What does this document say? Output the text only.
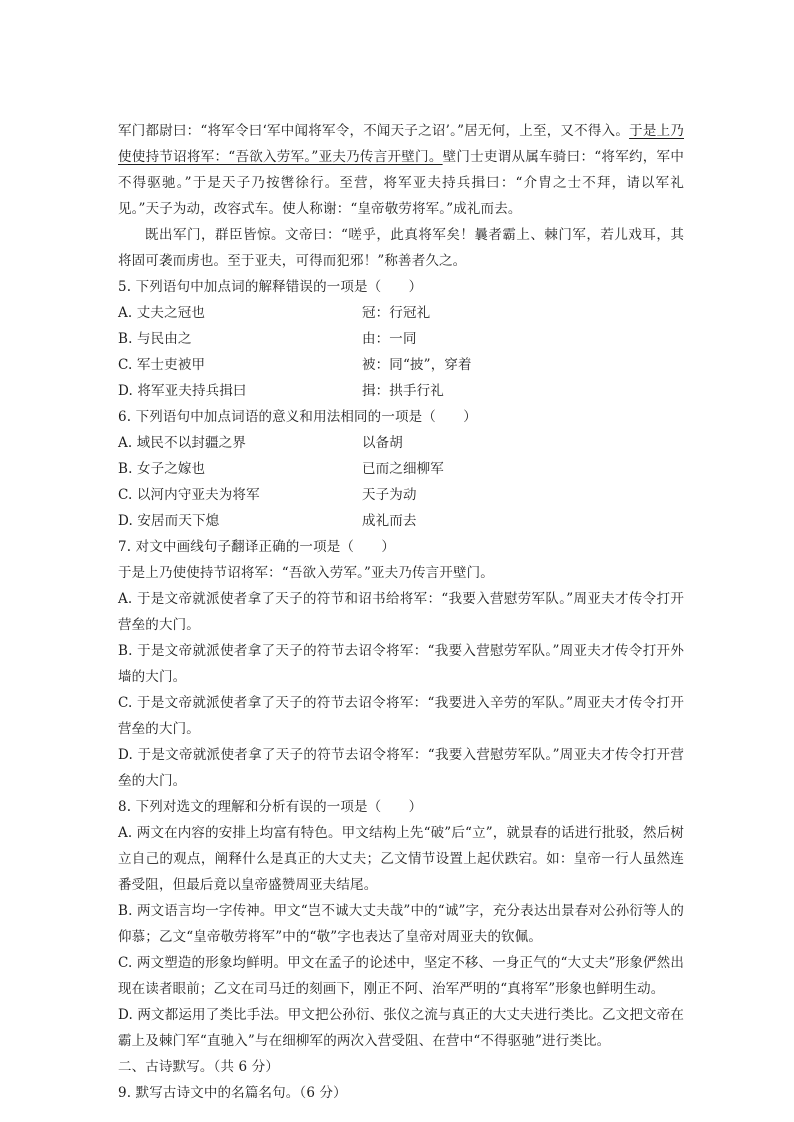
军门都尉曰：“将军令曰‘军中闻将军令，不闻天子之诏’。”居无何，上至，又不得入。于是上乃使使持节诏将军：“吾欲入劳军。”亚夫乃传言开壁门。壁门士吏谓从属车骑曰：“将军约，军中不得驱驰。”于是天子乃按辔徐行。至营，将军亚夫持兵揖曰：“介胄之士不拜，请以军礼见。”天子为动，改容式车。使人称谢：“皇帝敬劳将军。”成礼而去。

既出军门，群臣皆惊。文帝曰：“嗟乎，此真将军矣！曩者霸上、棘门军，若儿戏耳，其将固可袭而虏也。至于亚夫，可得而犯邪！”称善者久之。

5. 下列语句中加点词的解释错误的一项是（　　）

A. 丈夫之冠也	冠：行冠礼
B. 与民由之	由：一同
C. 军士吏被甲	被：同“披”，穿着
D. 将军亚夫持兵揖曰	揖：拱手行礼

6. 下列语句中加点词语的意义和用法相同的一项是（　　）

A. 域民不以封疆之界	以备胡
B. 女子之嫁也	已而之细柳军
C. 以河内守亚夫为将军	天子为动
D. 安居而天下熄	成礼而去

7. 对文中画线句子翻译正确的一项是（　　）

于是上乃使使持节诏将军：“吾欲入劳军。”亚夫乃传言开壁门。

A. 于是文帝就派使者拿了天子的符节和诏书给将军：“我要入营慰劳军队。”周亚夫才传令打开营垒的大门。

B. 于是文帝就派使者拿了天子的符节去诏令将军：“我要入营慰劳军队。”周亚夫才传令打开外墙的大门。

C. 于是文帝就派使者拿了天子的符节去诏令将军：“我要进入辛劳的军队。”周亚夫才传令打开营垒的大门。

D. 于是文帝就派使者拿了天子的符节去诏令将军：“我要入营慰劳军队。”周亚夫才传令打开营垒的大门。

8. 下列对选文的理解和分析有误的一项是（　　）

A. 两文在内容的安排上均富有特色。甲文结构上先“破”后“立”，就景春的话进行批驳，然后树立自己的观点，阐释什么是真正的大丈夫；乙文情节设置上起伏跌宕。如：皇帝一行人虽然连番受阻，但最后竟以皇帝盛赞周亚夫结尾。

B. 两文语言均一字传神。甲文“岂不诚大丈夫哉”中的“诚”字，充分表达出景春对公孙衍等人的仰慕；乙文“皇帝敬劳将军”中的“敬”字也表达了皇帝对周亚夫的钦佩。

C. 两文塑造的形象均鲜明。甲文在孟子的论述中，坚定不移、一身正气的“大丈夫”形象俨然出现在读者眼前；乙文在司马迁的刻画下，刚正不阿、治军严明的“真将军”形象也鲜明生动。

D. 两文都运用了类比手法。甲文把公孙衍、张仪之流与真正的大丈夫进行类比。乙文把文帝在霸上及棘门军“直驰入”与在细柳军的两次入营受阻、在营中“不得驱驰”进行类比。

二、古诗默写。（共 6 分）

9. 默写古诗文中的名篇名句。（6 分）
